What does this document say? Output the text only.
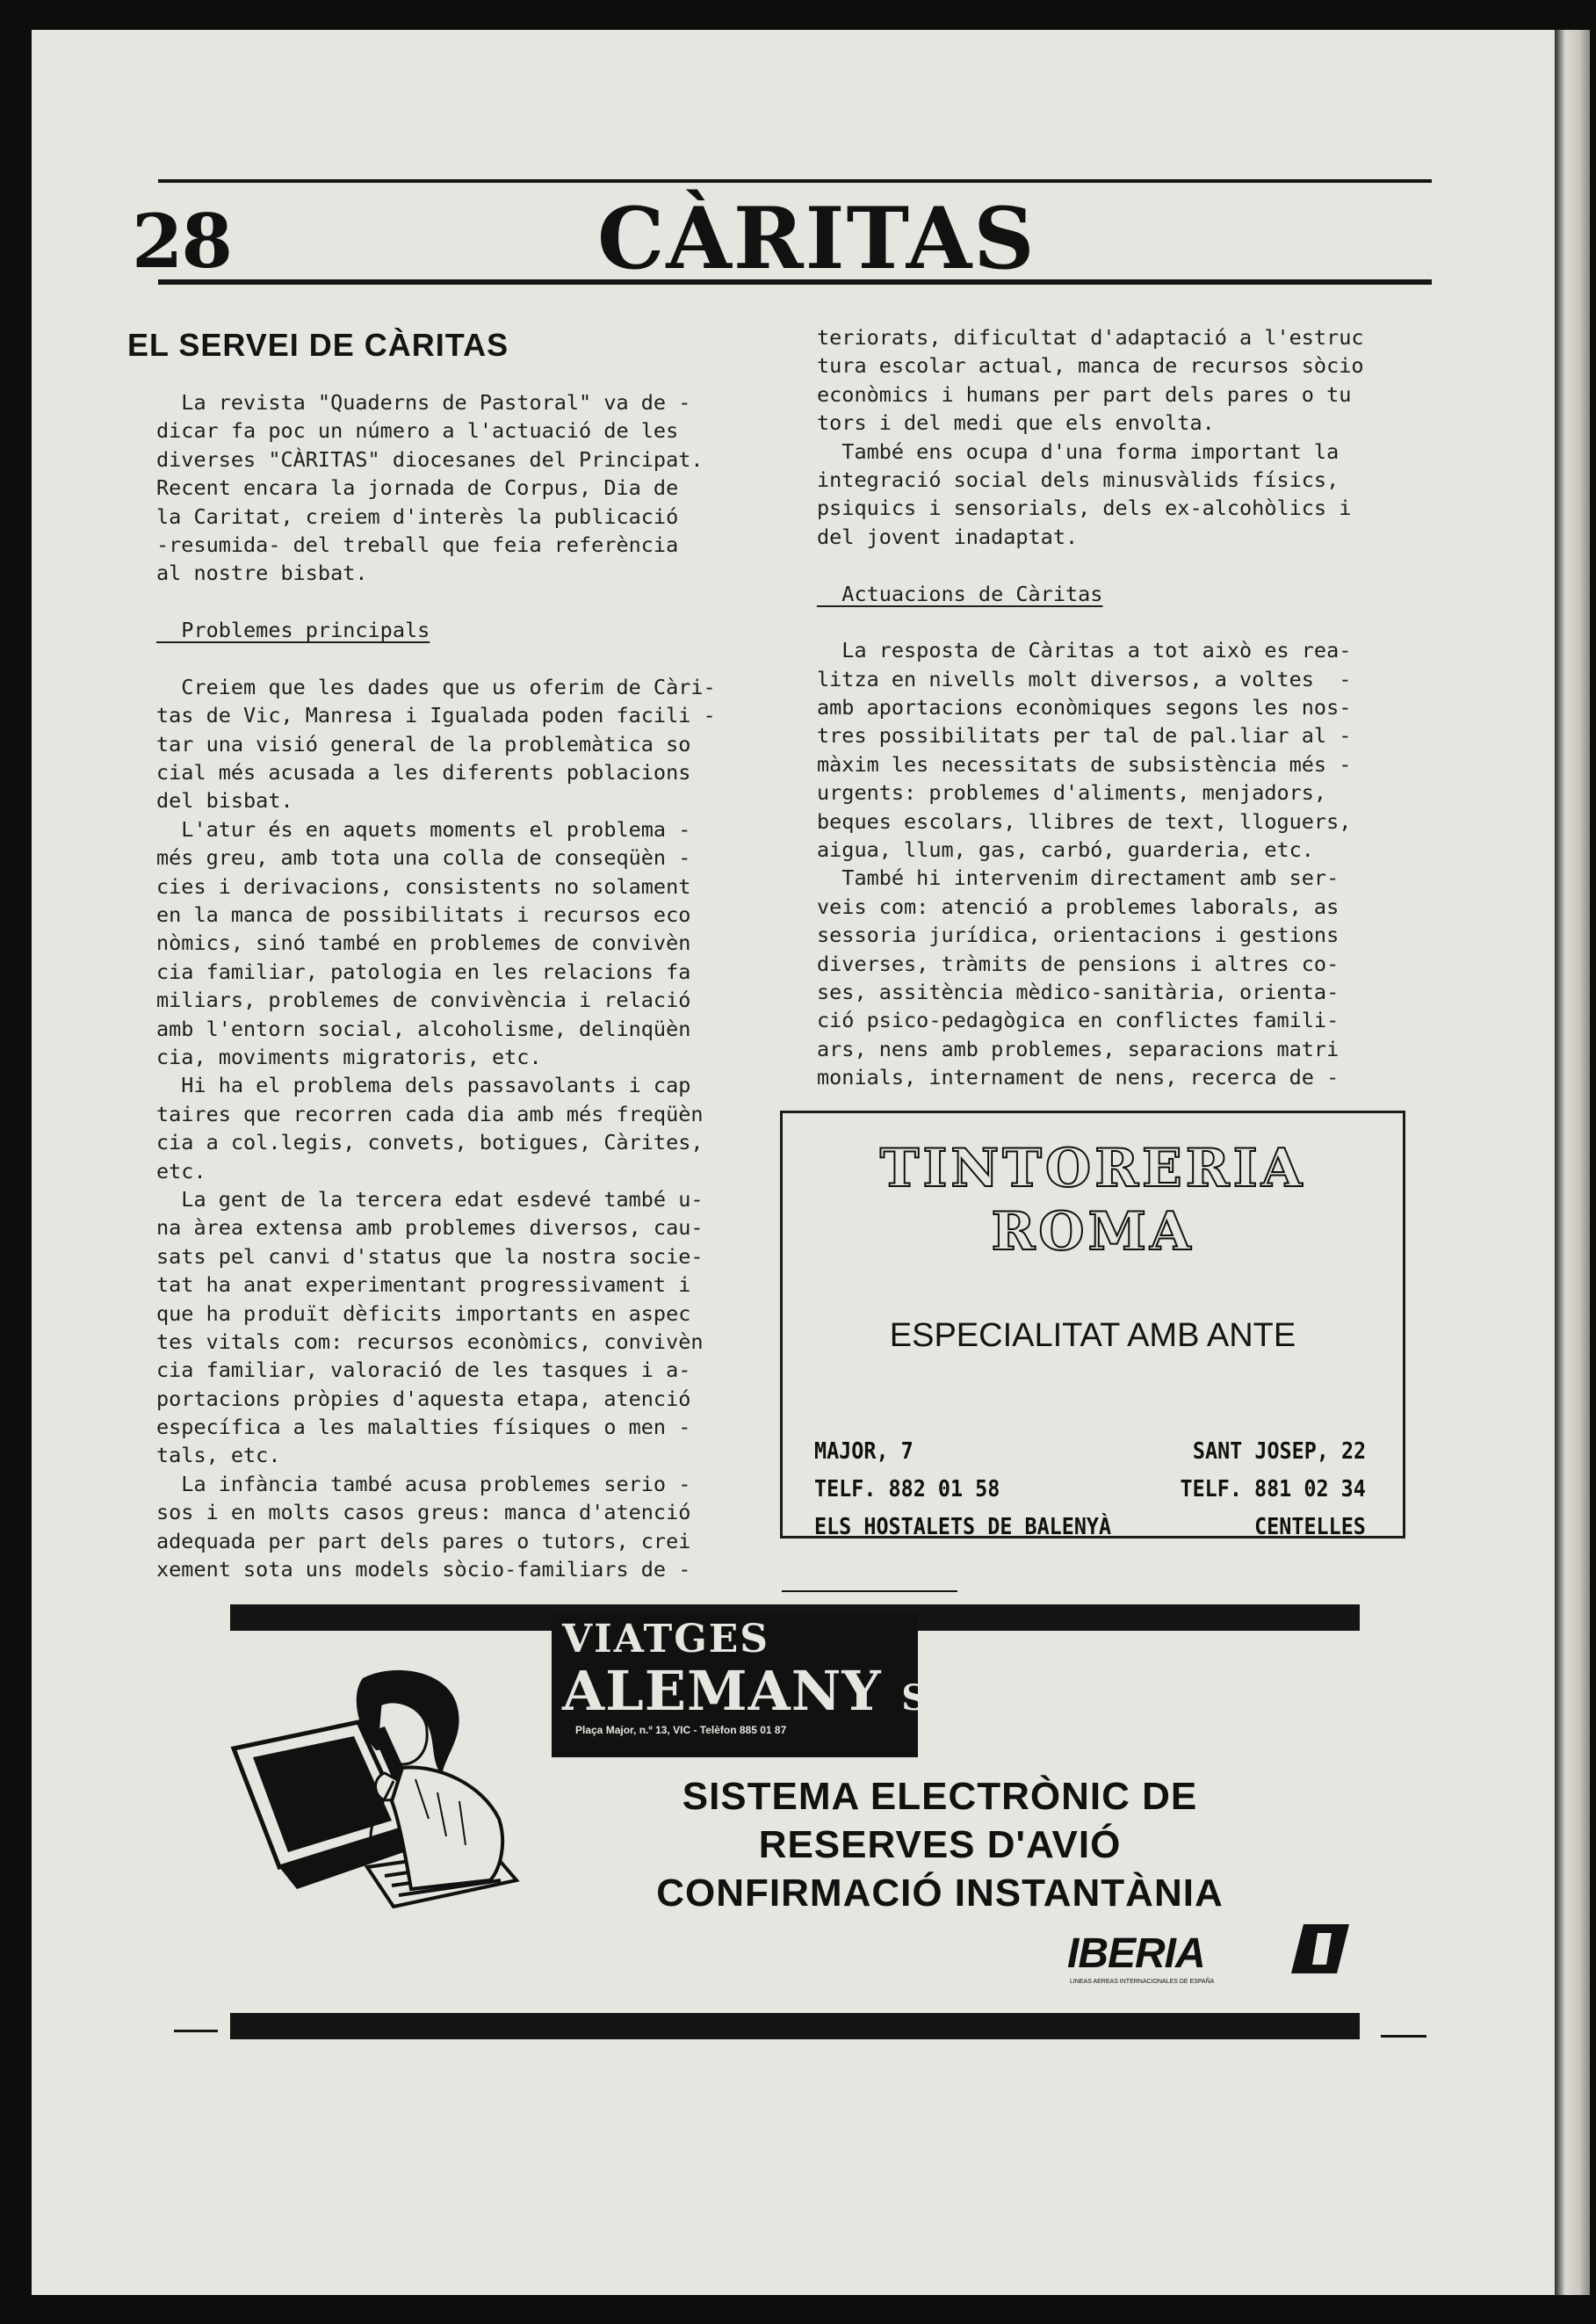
28	CÀRITAS
EL SERVEI DE CÀRITAS
La revista "Quaderns de Pastoral" va de -
dicar fa poc un número a l'actuació de les
diverses "CÀRITAS" diocesanes del Principat.
Recent encara la jornada de Corpus, Dia de
la Caritat, creiem d'interès la publicació
-resumida- del treball que feia referència
al nostre bisbat.
Problemes principals
Creiem que les dades que us oferim de Càri-
tas de Vic, Manresa i Igualada poden facili -
tar una visió general de la problemàtica so
cial més acusada a les diferents poblacions
del bisbat.
L'atur és en aquets moments el problema -
més greu, amb tota una colla de conseqüèn -
cies i derivacions, consistents no solament
en la manca de possibilitats i recursos eco
nòmics, sinó també en problemes de convivèn
cia familiar, patologia en les relacions fa
miliars, problemes de convivència i relació
amb l'entorn social, alcoholisme, delinqüèn
cia, moviments migratoris, etc.
Hi ha el problema dels passavolants i cap
taires que recorren cada dia amb més freqüèn
cia a col.legis, convets, botigues, Càrites,
etc.
La gent de la tercera edat esdevé també u-
na àrea extensa amb problemes diversos, cau-
sats pel canvi d'status que la nostra socie-
tat ha anat experimentant progressivament i
que ha produït dèficits importants en aspec
tes vitals com: recursos econòmics, convivèn
cia familiar, valoració de les tasques i a-
portacions pròpies d'aquesta etapa, atenció
específica a les malalties físiques o men -
tals, etc.
La infància també acusa problemes serio -
sos i en molts casos greus: manca d'atenció
adequada per part dels pares o tutors, crei
xement sota uns models sòcio-familiars de -
teriorats, dificultat d'adaptació a l'estruc
tura escolar actual, manca de recursos sòcio
econòmics i humans per part dels pares o tu
tors i del medi que els envolta.
També ens ocupa d'una forma important la
integració social dels minusvàlids físics,
psiquics i sensorials, dels ex-alcohòlics i
del jovent inadaptat.
Actuacions de Càritas
La resposta de Càritas a tot això es rea-
litza en nivells molt diversos, a voltes  -
amb aportacions econòmiques segons les nos-
tres possibilitats per tal de pal.liar al -
màxim les necessitats de subsistència més -
urgents: problemes d'aliments, menjadors,
beques escolars, llibres de text, lloguers,
aigua, llum, gas, carbó, guarderia, etc.
També hi intervenim directament amb ser-
veis com: atenció a problemes laborals, as
sessoria jurídica, orientacions i gestions
diverses, tràmits de pensions i altres co-
ses, assitència mèdico-sanitària, orienta-
ció psico-pedagògica en conflictes famili-
ars, nens amb problemes, separacions matri
monials, internament de nens, recerca de -
TINTORERIA
ROMA
ESPECIALITAT AMB ANTE
MAJOR, 7
TELF. 882 01 58
ELS HOSTALETS DE BALENYÀ
SANT JOSEP, 22
TELF. 881 02 34
CENTELLES
VIATGES
ALEMANY S.A.
Plaça Major, n.º 13, VIC - Telèfon 885 01 87
SISTEMA ELECTRÒNIC DE
RESERVES D'AVIÓ
CONFIRMACIÓ INSTANTÀNIA
IBERIA
LINEAS AEREAS INTERNACIONALES DE ESPAÑA
